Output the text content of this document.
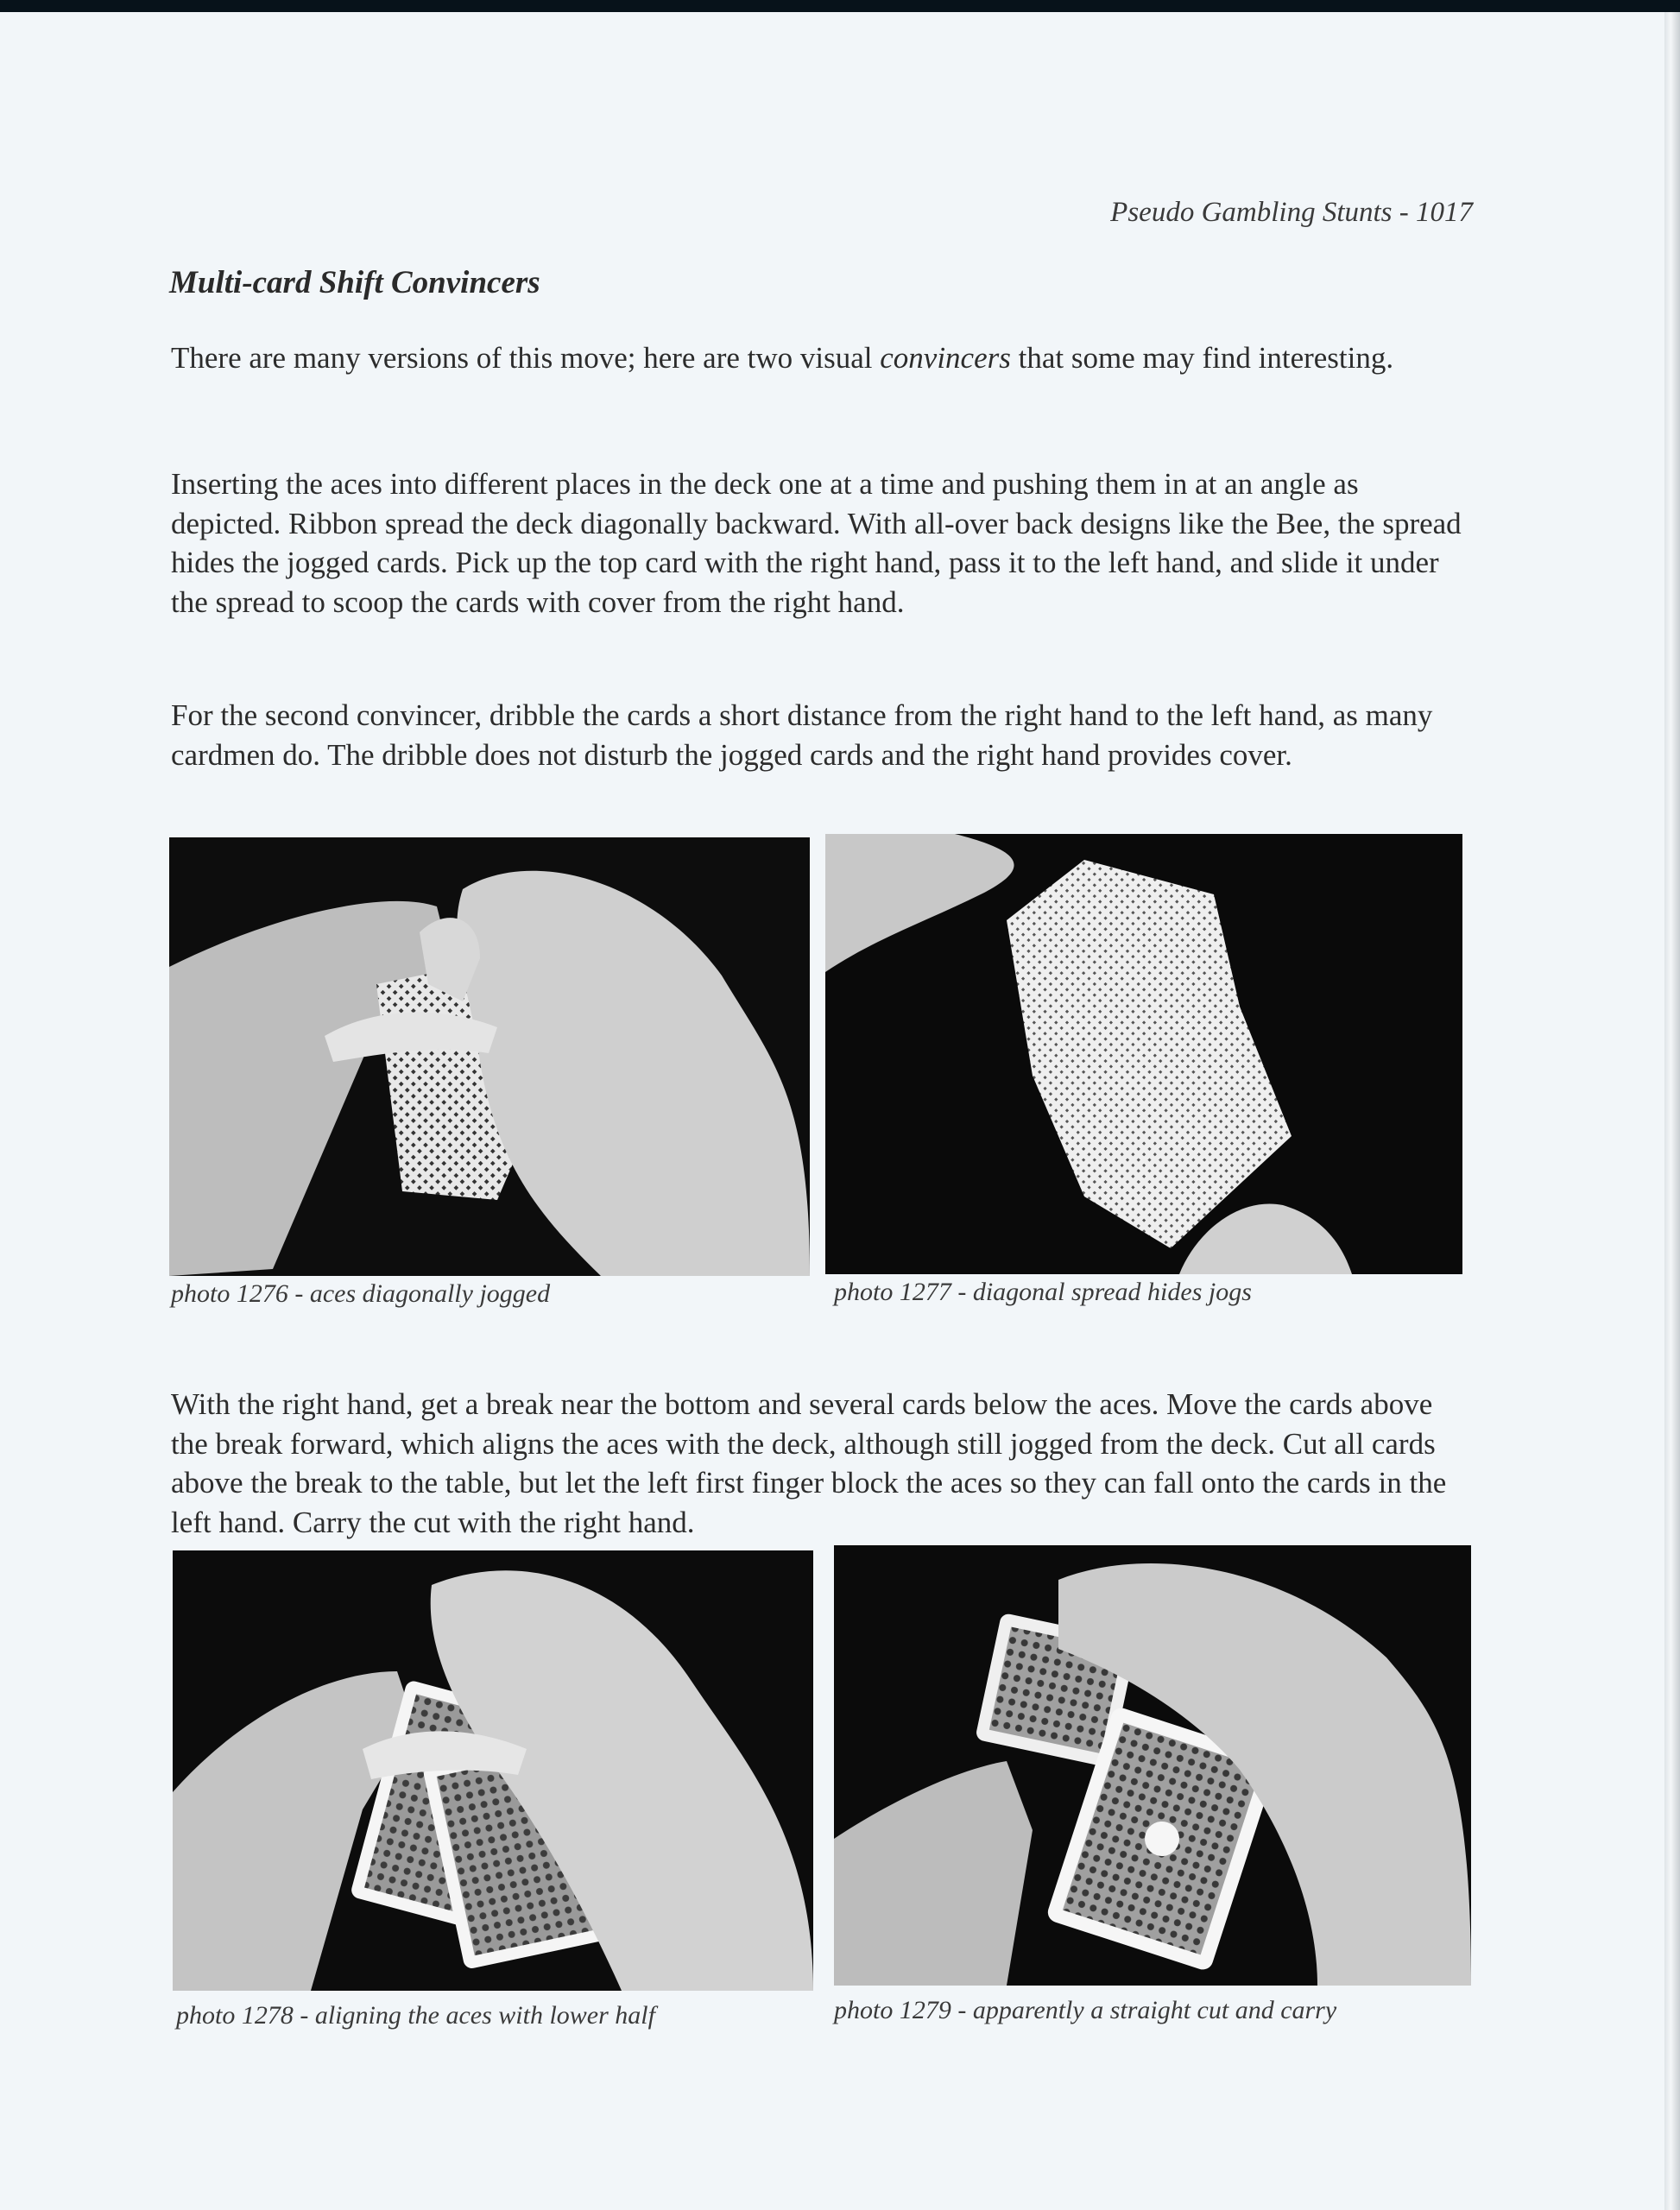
Pseudo Gambling Stunts - 1017
Multi-card Shift Convincers

There are many versions of this move; here are two visual convincers that some may find interesting.

Inserting the aces into different places in the deck one at a time and pushing them in at an angle as depicted. Ribbon spread the deck diagonally backward. With all-over back designs like the Bee, the spread hides the jogged cards. Pick up the top card with the right hand, pass it to the left hand, and slide it under the spread to scoop the cards with cover from the right hand.

For the second convincer, dribble the cards a short distance from the right hand to the left hand, as many cardmen do. The dribble does not disturb the jogged cards and the right hand provides cover.

photo 1276 - aces diagonally jogged	photo 1277 - diagonal spread hides jogs

With the right hand, get a break near the bottom and several cards below the aces. Move the cards above the break forward, which aligns the aces with the deck, although still jogged from the deck. Cut all cards above the break to the table, but let the left first finger block the aces so they can fall onto the cards in the left hand. Carry the cut with the right hand.

photo 1278 - aligning the aces with lower half	photo 1279 - apparently a straight cut and carry
